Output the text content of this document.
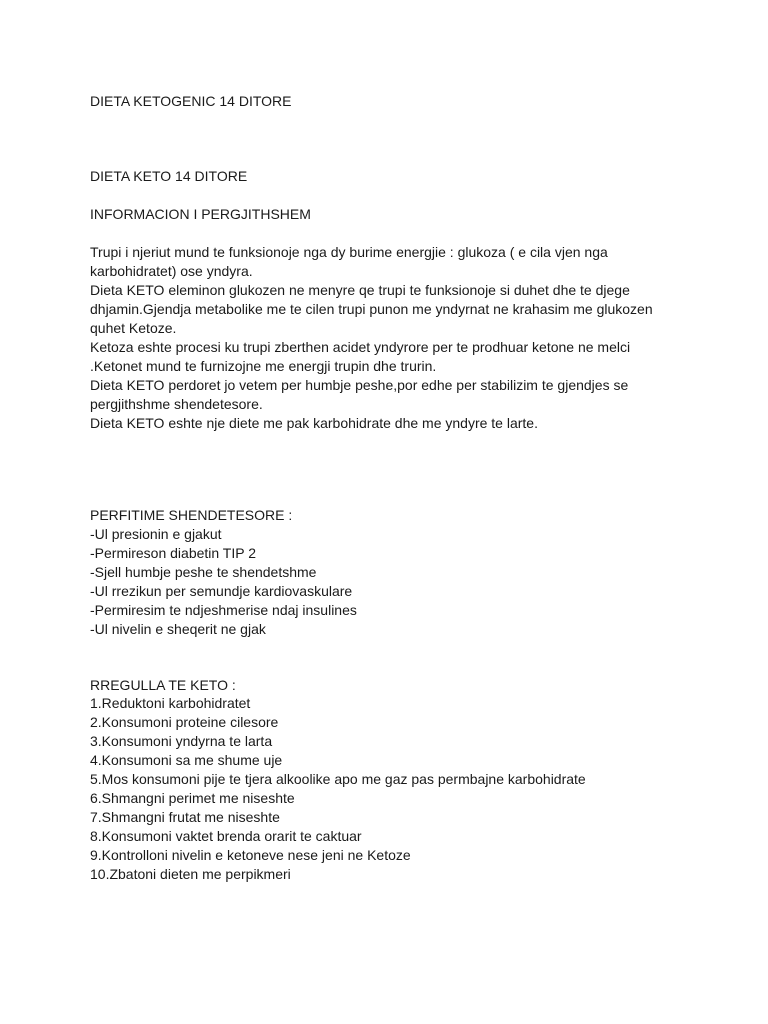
DIETA KETOGENIC 14 DITORE
DIETA KETO 14 DITORE
INFORMACION I PERGJITHSHEM
Trupi i njeriut mund te funksionoje nga dy burime energjie : glukoza ( e cila vjen nga
karbohidratet) ose yndyra.
Dieta KETO eleminon glukozen ne menyre qe trupi te funksionoje si duhet dhe te djege
dhjamin.Gjendja metabolike me te cilen trupi punon me yndyrnat ne krahasim me glukozen
quhet Ketoze.
Ketoza eshte procesi ku trupi zberthen acidet yndyrore per te prodhuar ketone ne melci
.Ketonet mund te furnizojne me energji trupin dhe trurin.
Dieta KETO perdoret jo vetem per humbje peshe,por edhe per stabilizim te gjendjes se
pergjithshme shendetesore.
Dieta KETO eshte nje diete me pak karbohidrate dhe me yndyre te larte.
PERFITIME SHENDETESORE :
-Ul presionin e gjakut
-Permireson diabetin TIP 2
-Sjell humbje peshe te shendetshme
-Ul rrezikun per semundje kardiovaskulare
-Permiresim te ndjeshmerise ndaj insulines
-Ul nivelin e sheqerit ne gjak
RREGULLA TE KETO :
1.Reduktoni karbohidratet
2.Konsumoni proteine cilesore
3.Konsumoni yndyrna te larta
4.Konsumoni sa me shume uje
5.Mos konsumoni pije te tjera alkoolike apo me gaz pas permbajne karbohidrate
6.Shmangni perimet me niseshte
7.Shmangni frutat me niseshte
8.Konsumoni vaktet brenda orarit te caktuar
9.Kontrolloni nivelin e ketoneve nese jeni ne Ketoze
10.Zbatoni dieten me perpikmeri
